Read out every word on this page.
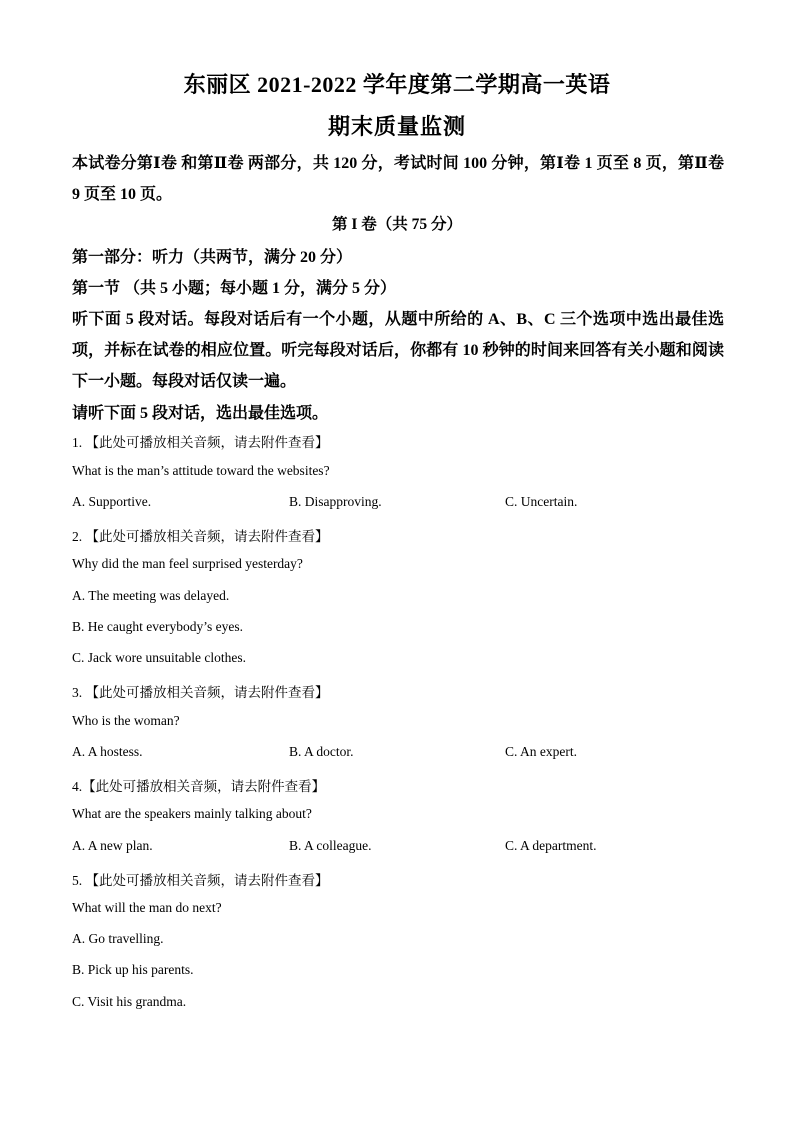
东丽区 2021-2022 学年度第二学期高一英语
期末质量监测
本试卷分第Ⅰ卷 和第Ⅱ卷 两部分，共 120 分，考试时间 100 分钟，第Ⅰ卷 1 页至 8 页，第Ⅱ卷 9 页至 10 页。
第 I 卷（共 75 分）
第一部分：听力（共两节，满分 20 分）
第一节 （共 5 小题；每小题 1 分，满分 5 分）
听下面 5 段对话。每段对话后有一个小题，从题中所给的 A、B、C 三个选项中选出最佳选项，并标在试卷的相应位置。听完每段对话后，你都有 10 秒钟的时间来回答有关小题和阅读下一小题。每段对话仅读一遍。
请听下面 5 段对话，选出最佳选项。
1. 【此处可播放相关音频，请去附件查看】
What is the man’s attitude toward the websites?
A. Supportive.	B. Disapproving.	C. Uncertain.
2. 【此处可播放相关音频，请去附件查看】
Why did the man feel surprised yesterday?
A. The meeting was delayed.
B. He caught everybody’s eyes.
C. Jack wore unsuitable clothes.
3. 【此处可播放相关音频，请去附件查看】
Who is the woman?
A. A hostess.	B. A doctor.	C. An expert.
4.【此处可播放相关音频，请去附件查看】
What are the speakers mainly talking about?
A. A new plan.	B. A colleague.	C. A department.
5. 【此处可播放相关音频，请去附件查看】
What will the man do next?
A. Go travelling.
B. Pick up his parents.
C. Visit his grandma.
